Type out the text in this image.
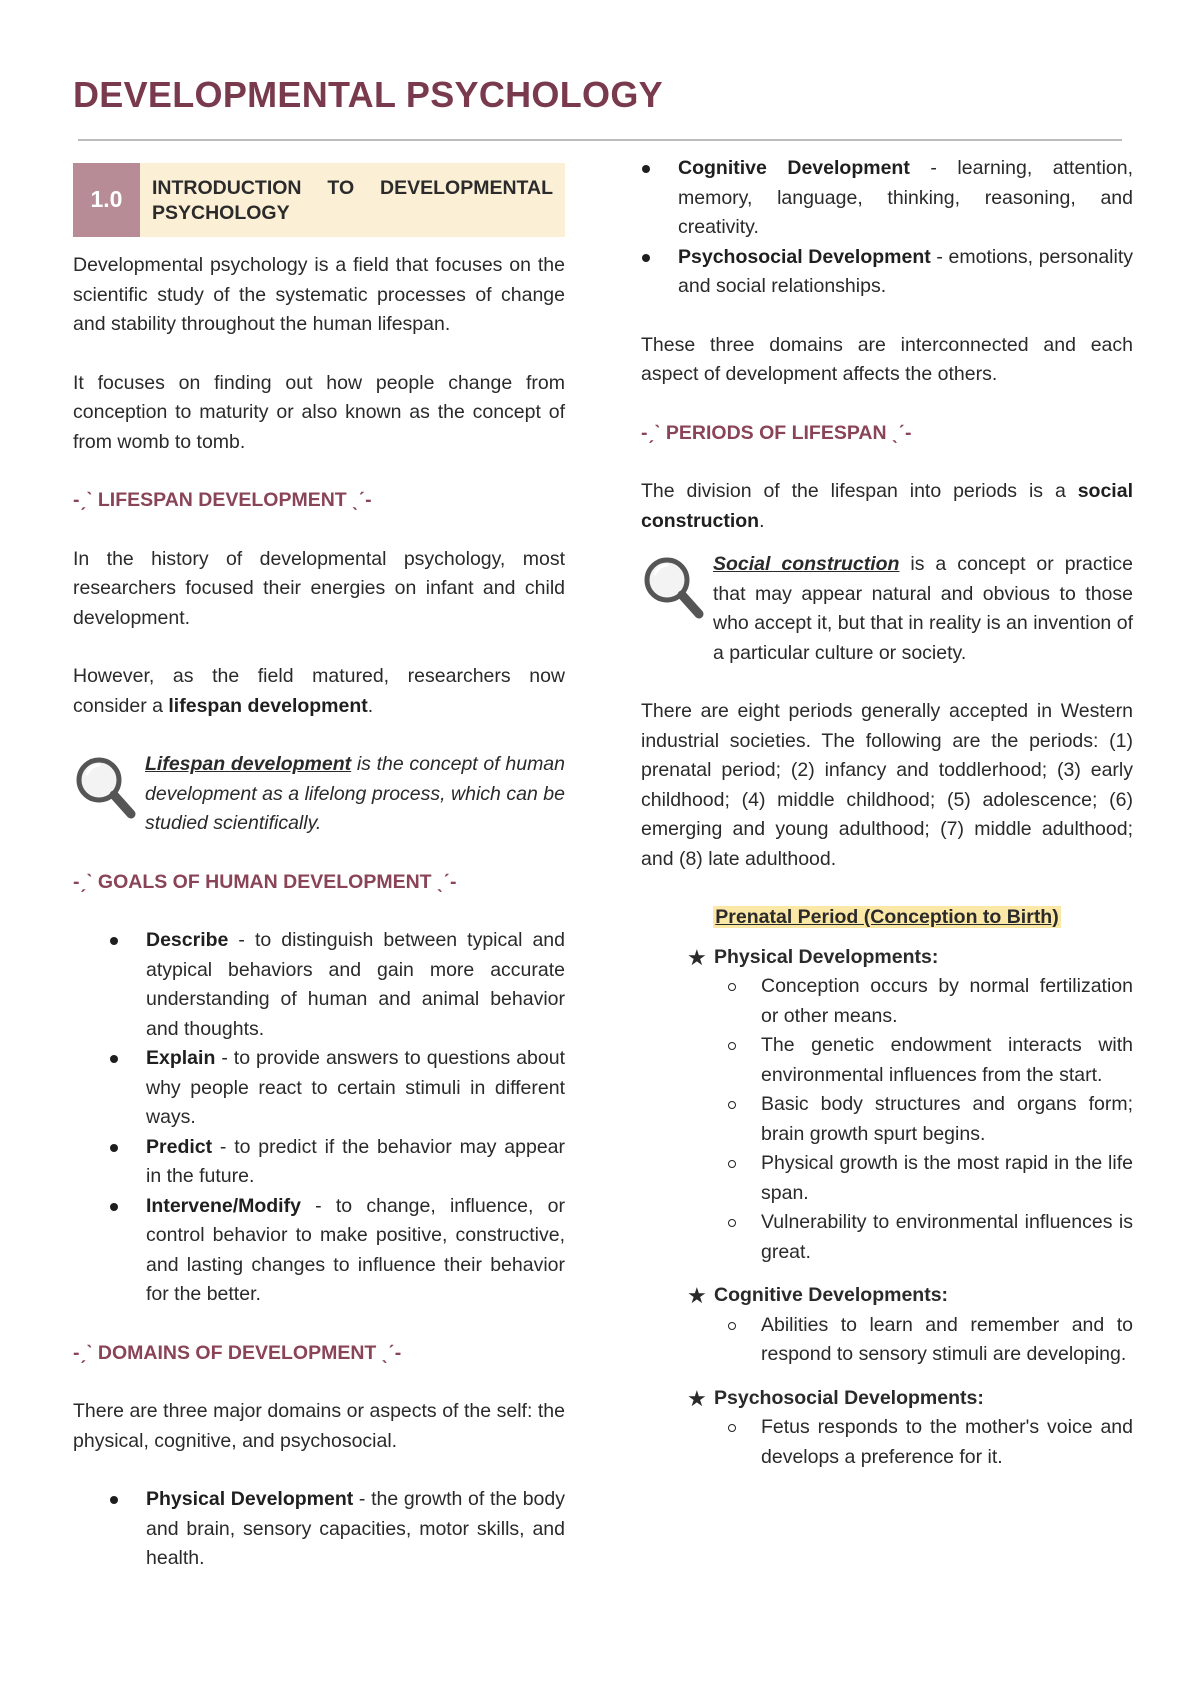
DEVELOPMENTAL PSYCHOLOGY
1.0	INTRODUCTION TO DEVELOPMENTAL PSYCHOLOGY

Developmental psychology is a field that focuses on the scientific study of the systematic processes of change and stability throughout the human lifespan.

It focuses on finding out how people change from conception to maturity or also known as the concept of from womb to tomb.

-ˏˋ LIFESPAN DEVELOPMENT ˎˊ-

In the history of developmental psychology, most researchers focused their energies on infant and child development.

However, as the field matured, researchers now consider a lifespan development.

Lifespan development is the concept of human development as a lifelong process, which can be studied scientifically.

-ˏˋ GOALS OF HUMAN DEVELOPMENT ˎˊ-
Describe - to distinguish between typical and atypical behaviors and gain more accurate understanding of human and animal behavior and thoughts.
Explain - to provide answers to questions about why people react to certain stimuli in different ways.
Predict - to predict if the behavior may appear in the future.
Intervene/Modify - to change, influence, or control behavior to make positive, constructive, and lasting changes to influence their behavior for the better.
-ˏˋ DOMAINS OF DEVELOPMENT ˎˊ-

There are three major domains or aspects of the self: the physical, cognitive, and psychosocial.

Physical Development - the growth of the body and brain, sensory capacities, motor skills, and health.
Cognitive Development - learning, attention, memory, language, thinking, reasoning, and creativity.
Psychosocial Development - emotions, personality and social relationships.

These three domains are interconnected and each aspect of development affects the others.

-ˏˋ PERIODS OF LIFESPAN ˎˊ-

The division of the lifespan into periods is a social construction.

Social construction is a concept or practice that may appear natural and obvious to those who accept it, but that in reality is an invention of a particular culture or society.

There are eight periods generally accepted in Western industrial societies. The following are the periods: (1) prenatal period; (2) infancy and toddlerhood; (3) early childhood; (4) middle childhood; (5) adolescence; (6) emerging and young adulthood; (7) middle adulthood; and (8) late adulthood.

Prenatal Period (Conception to Birth)

★ Physical Developments:
Conception occurs by normal fertilization or other means.
The genetic endowment interacts with environmental influences from the start.
Basic body structures and organs form; brain growth spurt begins.
Physical growth is the most rapid in the life span.
Vulnerability to environmental influences is great.
★ Cognitive Developments:
Abilities to learn and remember and to respond to sensory stimuli are developing.
★ Psychosocial Developments:
Fetus responds to the mother's voice and develops a preference for it.
